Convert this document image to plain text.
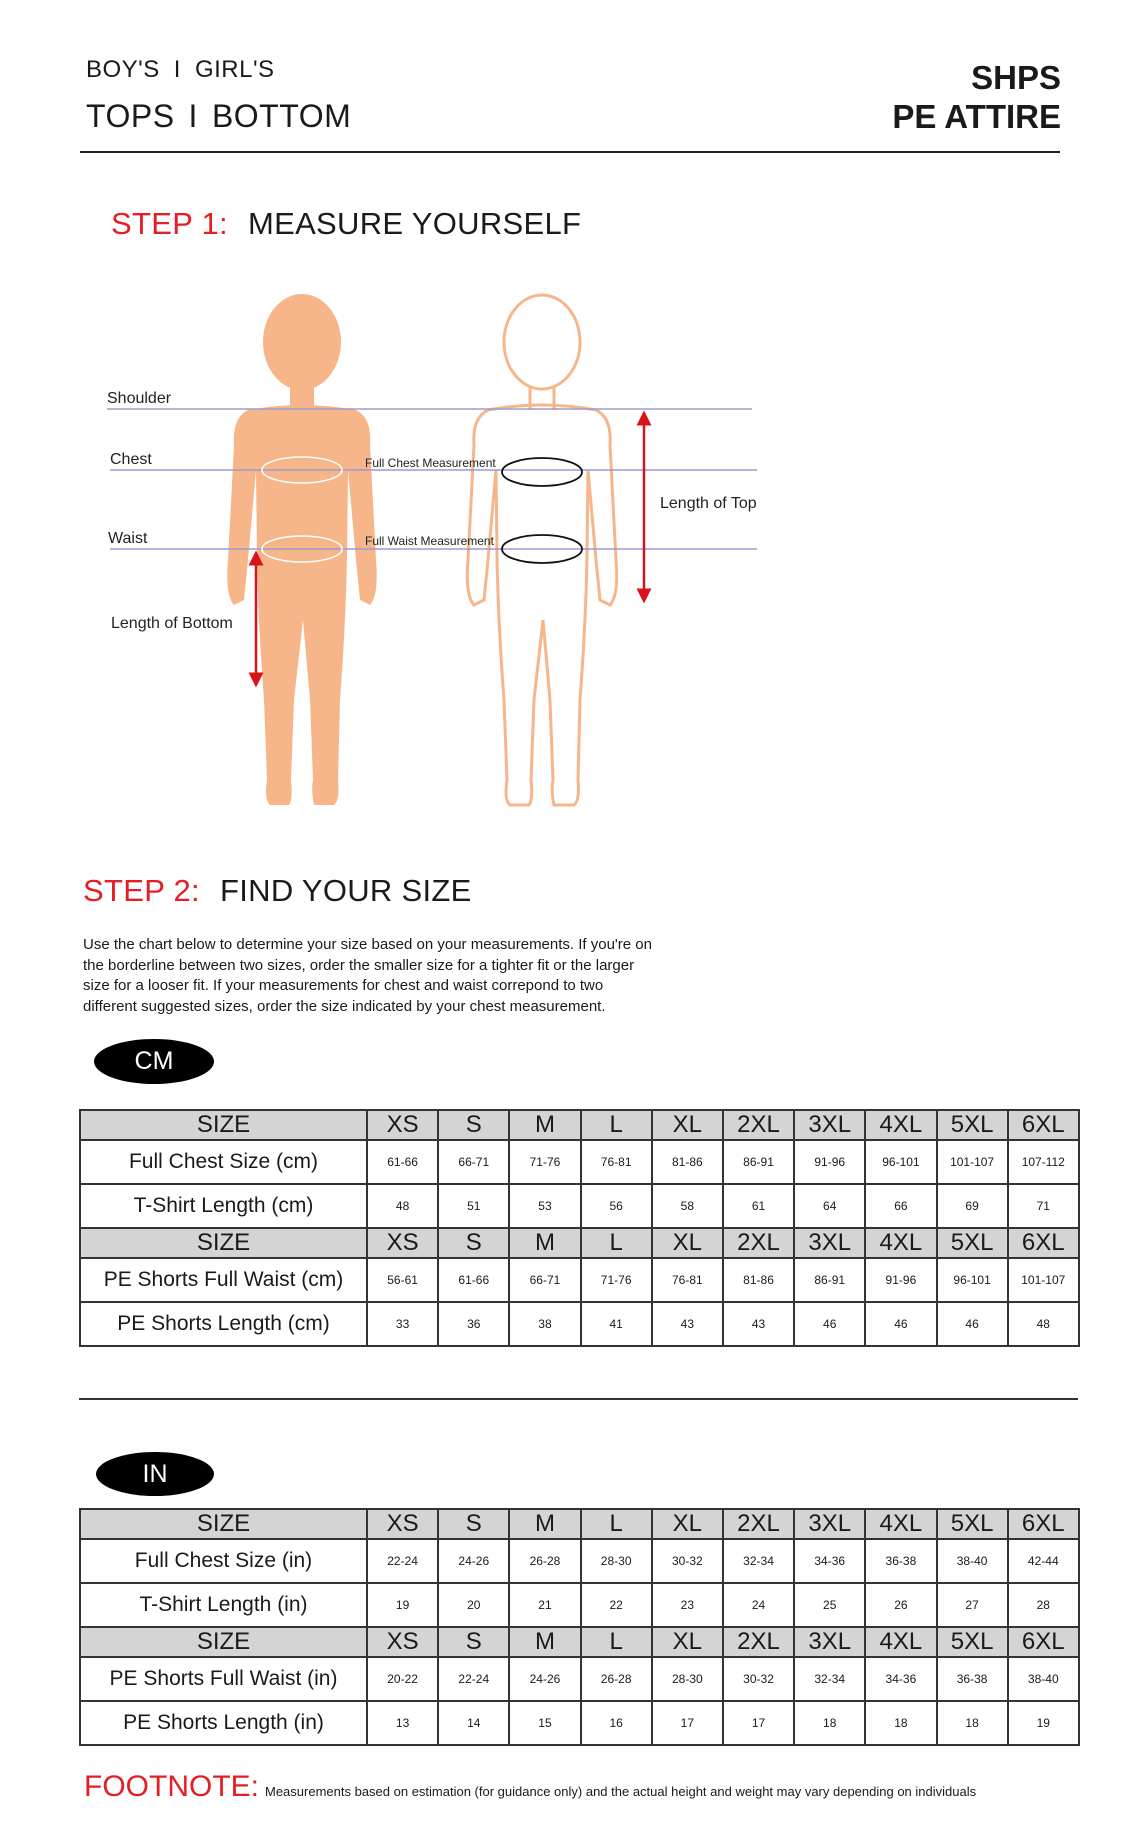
BOY'S I GIRL'S
TOPS I BOTTOM
SHPS
PE ATTIRE
STEP 1: MEASURE YOURSELF
Shoulder
Chest
Waist
Length of Bottom
Full Chest Measurement
Full Waist Measurement
Length of Top
STEP 2: FIND YOUR SIZE
Use the chart below to determine your size based on your measurements. If you're on
the borderline between two sizes, order the smaller size for a tighter fit or the larger
size for a looser fit. If your measurements for chest and waist correpond to two
different suggested sizes, order the size indicated by your chest measurement.
CM
SIZE	XS	S	M	L	XL	2XL	3XL	4XL	5XL	6XL
Full Chest Size (cm)	61-66	66-71	71-76	76-81	81-86	86-91	91-96	96-101	101-107	107-112
T-Shirt Length (cm)	48	51	53	56	58	61	64	66	69	71
SIZE	XS	S	M	L	XL	2XL	3XL	4XL	5XL	6XL
PE Shorts Full Waist (cm)	56-61	61-66	66-71	71-76	76-81	81-86	86-91	91-96	96-101	101-107
PE Shorts Length (cm)	33	36	38	41	43	43	46	46	46	48
IN
SIZE	XS	S	M	L	XL	2XL	3XL	4XL	5XL	6XL
Full Chest Size (in)	22-24	24-26	26-28	28-30	30-32	32-34	34-36	36-38	38-40	42-44
T-Shirt Length (in)	19	20	21	22	23	24	25	26	27	28
SIZE	XS	S	M	L	XL	2XL	3XL	4XL	5XL	6XL
PE Shorts Full Waist (in)	20-22	22-24	24-26	26-28	28-30	30-32	32-34	34-36	36-38	38-40
PE Shorts Length (in)	13	14	15	16	17	17	18	18	18	19
FOOTNOTE: Measurements based on estimation (for guidance only) and the actual height and weight may vary depending on individuals
